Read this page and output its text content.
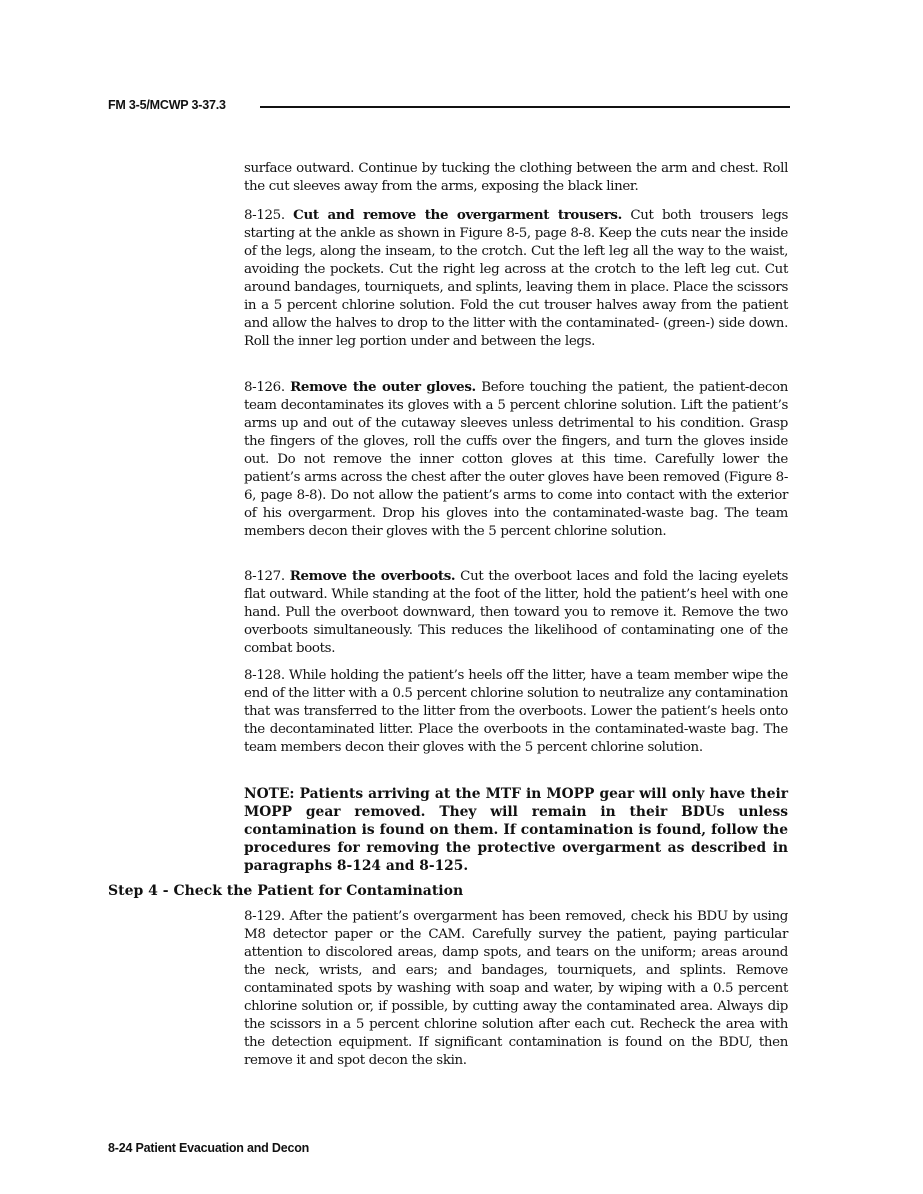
FM 3-5/MCWP 3-37.3

surface outward. Continue by tucking the clothing between the arm and chest. Roll the cut sleeves away from the arms, exposing the black liner.

8-125. Cut and remove the overgarment trousers. Cut both trousers legs starting at the ankle as shown in Figure 8-5, page 8-8. Keep the cuts near the inside of the legs, along the inseam, to the crotch. Cut the left leg all the way to the waist, avoiding the pockets. Cut the right leg across at the crotch to the left leg cut. Cut around bandages, tourniquets, and splints, leaving them in place. Place the scissors in a 5 percent chlorine solution. Fold the cut trouser halves away from the patient and allow the halves to drop to the litter with the contaminated- (green-) side down. Roll the inner leg portion under and between the legs.

8-126. Remove the outer gloves. Before touching the patient, the patient-decon team decontaminates its gloves with a 5 percent chlorine solution. Lift the patient’s arms up and out of the cutaway sleeves unless detrimental to his condition. Grasp the fingers of the gloves, roll the cuffs over the fingers, and turn the gloves inside out. Do not remove the inner cotton gloves at this time. Carefully lower the patient’s arms across the chest after the outer gloves have been removed (Figure 8-6, page 8-8). Do not allow the patient’s arms to come into contact with the exterior of his overgarment. Drop his gloves into the contaminated-waste bag. The team members decon their gloves with the 5 percent chlorine solution.

8-127. Remove the overboots. Cut the overboot laces and fold the lacing eyelets flat outward. While standing at the foot of the litter, hold the patient’s heel with one hand. Pull the overboot downward, then toward you to remove it. Remove the two overboots simultaneously. This reduces the likelihood of contaminating one of the combat boots.

8-128. While holding the patient’s heels off the litter, have a team member wipe the end of the litter with a 0.5 percent chlorine solution to neutralize any contamination that was transferred to the litter from the overboots. Lower the patient’s heels onto the decontaminated litter. Place the overboots in the contaminated-waste bag. The team members decon their gloves with the 5 percent chlorine solution.

NOTE: Patients arriving at the MTF in MOPP gear will only have their MOPP gear removed. They will remain in their BDUs unless contamination is found on them. If contamination is found, follow the procedures for removing the protective overgarment as described in paragraphs 8-124 and 8-125.

Step 4 - Check the Patient for Contamination

8-129. After the patient’s overgarment has been removed, check his BDU by using M8 detector paper or the CAM. Carefully survey the patient, paying particular attention to discolored areas, damp spots, and tears on the uniform; areas around the neck, wrists, and ears; and bandages, tourniquets, and splints. Remove contaminated spots by washing with soap and water, by wiping with a 0.5 percent chlorine solution or, if possible, by cutting away the contaminated area. Always dip the scissors in a 5 percent chlorine solution after each cut. Recheck the area with the detection equipment. If significant contamination is found on the BDU, then remove it and spot decon the skin.

8-24 Patient Evacuation and Decon
